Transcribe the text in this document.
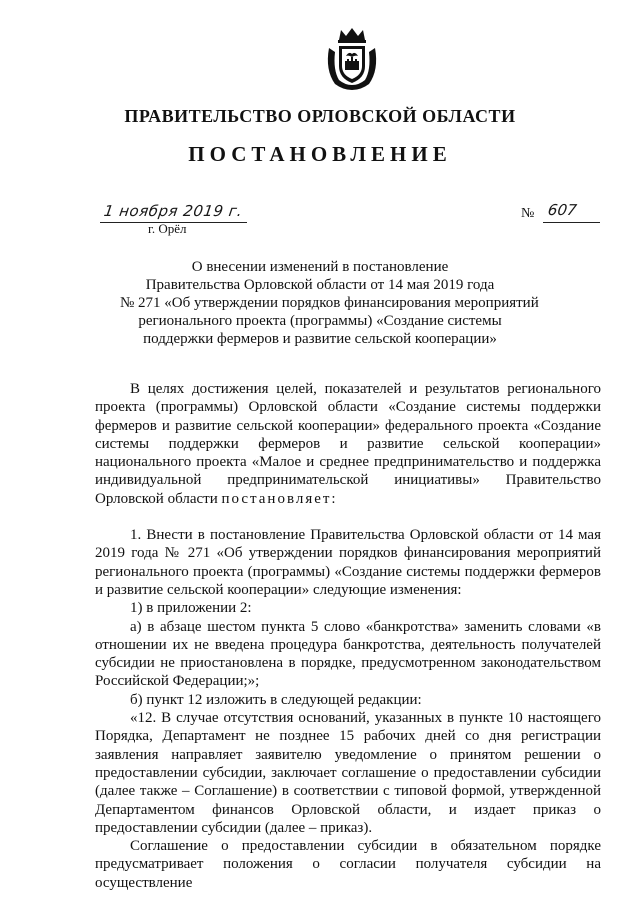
ПРАВИТЕЛЬСТВО ОРЛОВСКОЙ ОБЛАСТИ
ПОСТАНОВЛЕНИЕ
1 ноября 2019 г.
г. Орёл
№ 607
О внесении изменений в постановление
Правительства Орловской области от 14 мая 2019 года
№ 271 «Об утверждении порядков финансирования мероприятий
регионального проекта (программы) «Создание системы
поддержки фермеров и развитие сельской кооперации»

В целях достижения целей, показателей и результатов регионального проекта (программы) Орловской области «Создание системы поддержки фермеров и развитие сельской кооперации» федерального проекта «Создание системы поддержки фермеров и развитие сельской кооперации» национального проекта «Малое и среднее предпринимательство и поддержка индивидуальной предпринимательской инициативы» Правительство Орловской области постановляет:

1. Внести в постановление Правительства Орловской области от 14 мая 2019 года № 271 «Об утверждении порядков финансирования мероприятий регионального проекта (программы) «Создание системы поддержки фермеров и развитие сельской кооперации» следующие изменения:

1) в приложении 2:

а) в абзаце шестом пункта 5 слово «банкротства» заменить словами «в отношении их не введена процедура банкротства, деятельность получателей субсидии не приостановлена в порядке, предусмотренном законодательством Российской Федерации;»;

б) пункт 12 изложить в следующей редакции:

«12. В случае отсутствия оснований, указанных в пункте 10 настоящего Порядка, Департамент не позднее 15 рабочих дней со дня регистрации заявления направляет заявителю уведомление о принятом решении о предоставлении субсидии, заключает соглашение о предоставлении субсидии (далее также – Соглашение) в соответствии с типовой формой, утвержденной Департаментом финансов Орловской области, и издает приказ о предоставлении субсидии (далее – приказ).

Соглашение о предоставлении субсидии в обязательном порядке предусматривает положения о согласии получателя субсидии на осуществление
